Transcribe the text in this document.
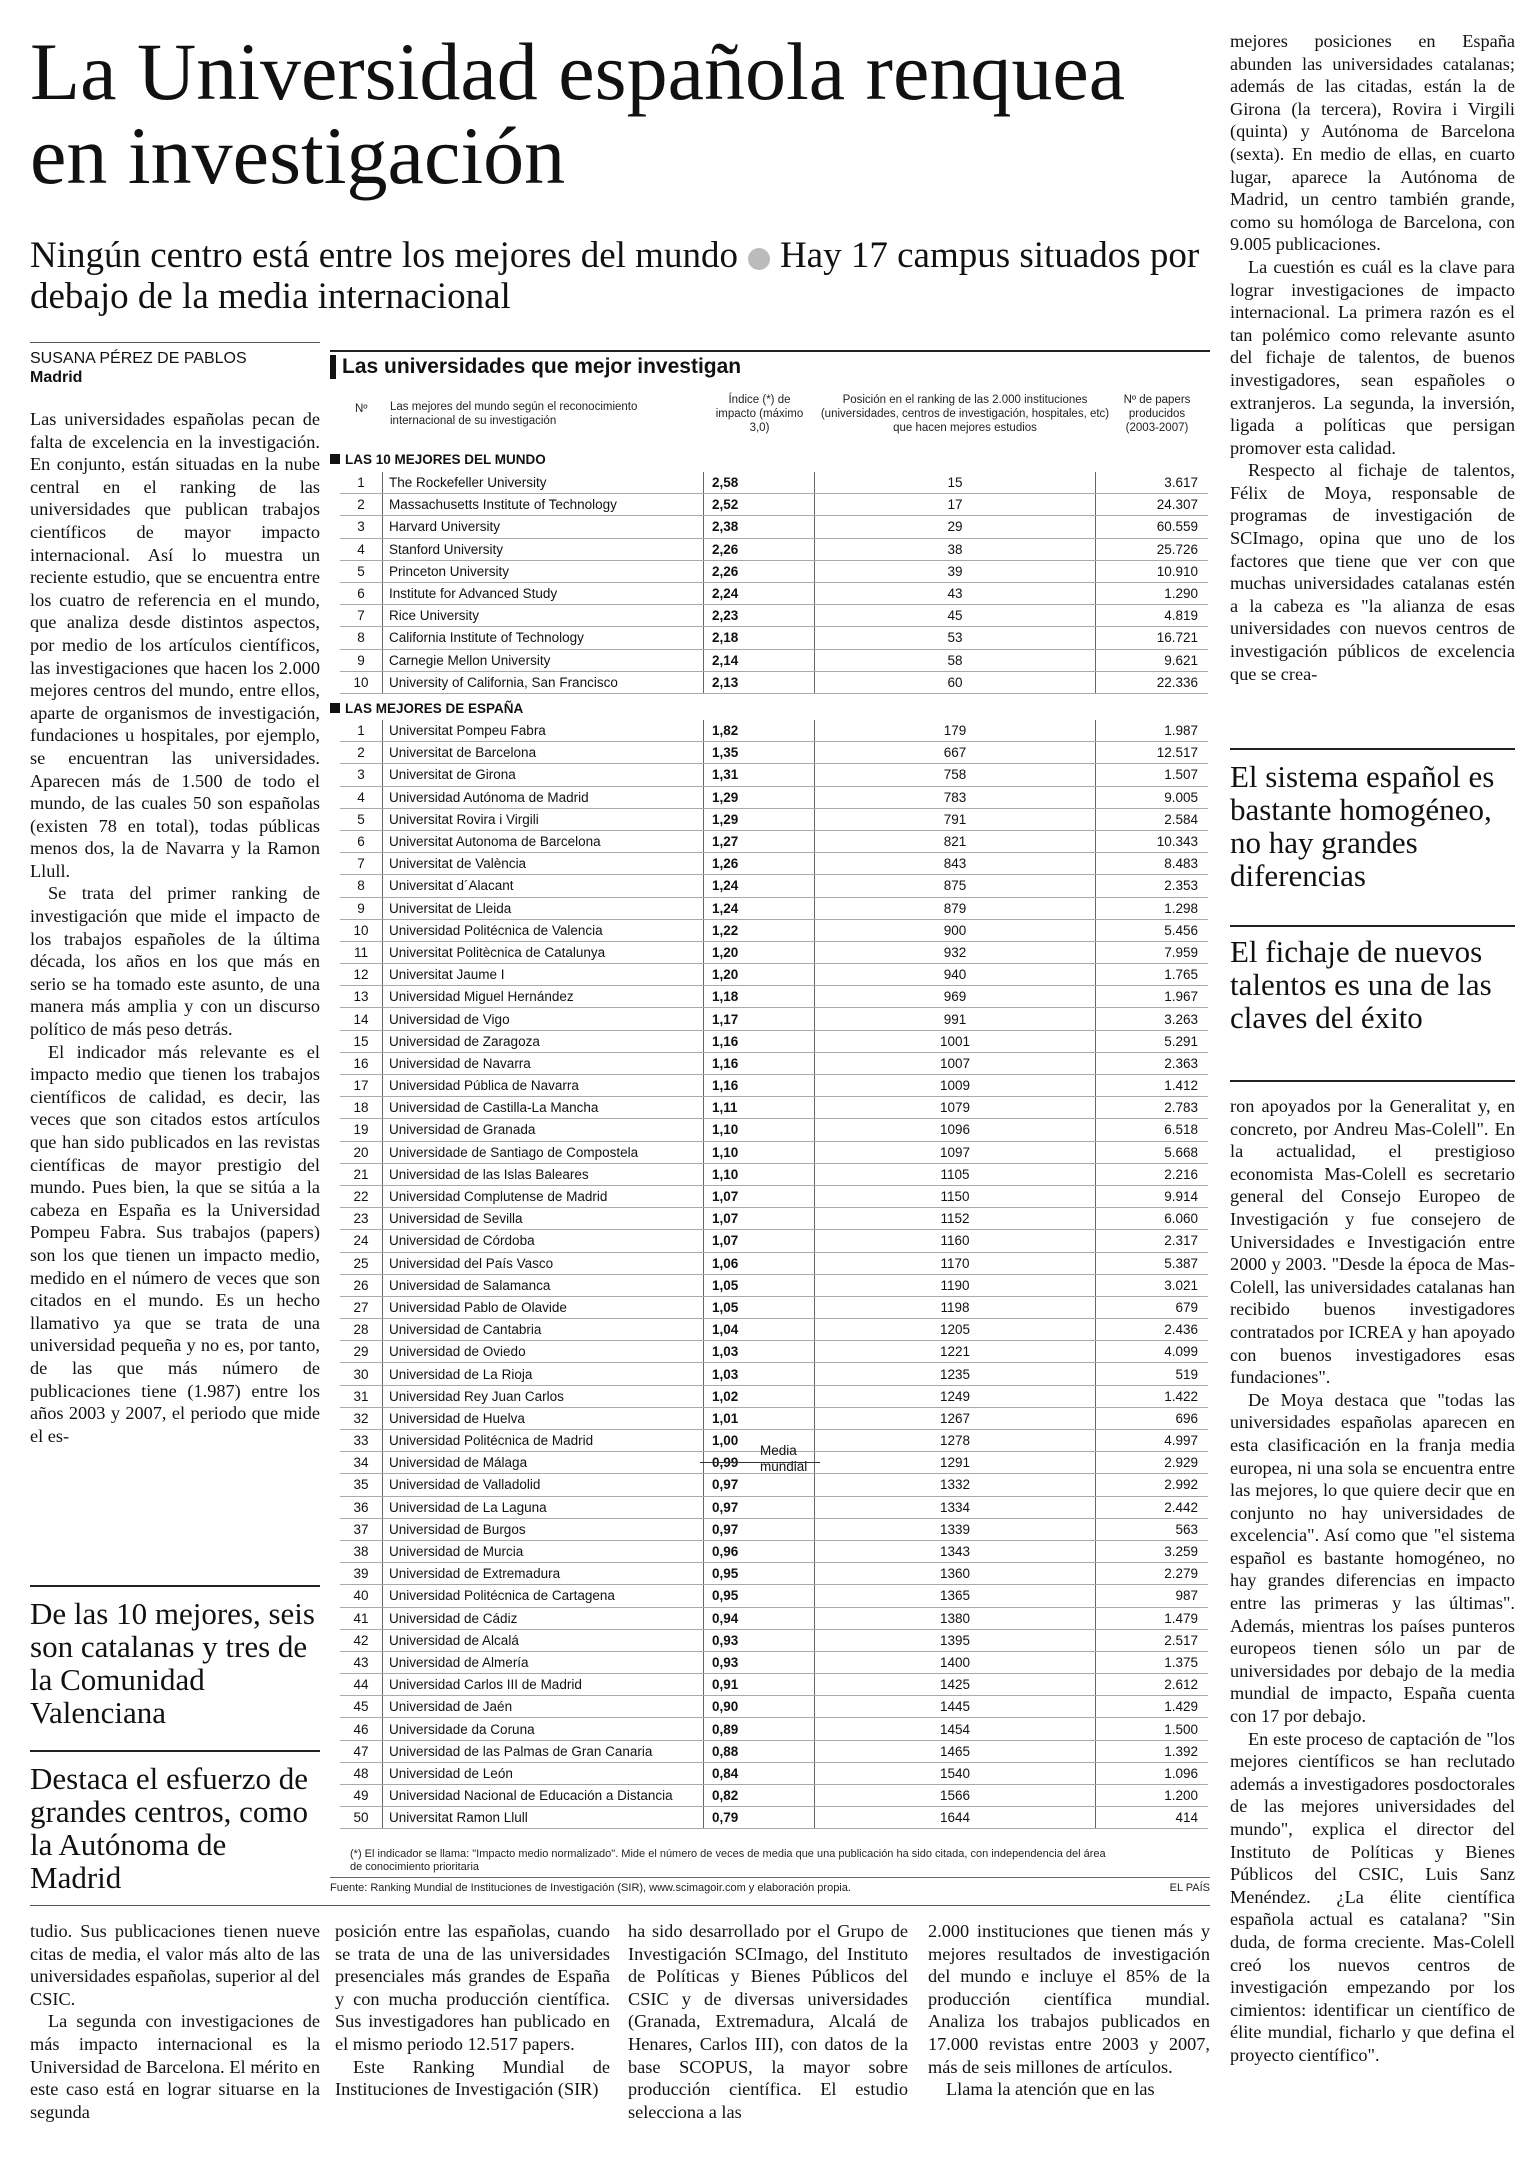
La Universidad española renquea en investigación
Ningún centro está entre los mejores del mundo Hay 17 campus situados por debajo de la media internacional
SUSANA PÉREZ DE PABLOS
Madrid

Las universidades españolas pecan de falta de excelencia en la investigación. En conjunto, están situadas en la nube central en el ranking de las universidades que publican trabajos científicos de mayor impacto internacional. Así lo muestra un reciente estudio, que se encuentra entre los cuatro de referencia en el mundo, que analiza desde distintos aspectos, por medio de los artículos científicos, las investigaciones que hacen los 2.000 mejores centros del mundo, entre ellos, aparte de organismos de investigación, fundaciones u hospitales, por ejemplo, se encuentran las universidades. Aparecen más de 1.500 de todo el mundo, de las cuales 50 son españolas (existen 78 en total), todas públicas menos dos, la de Navarra y la Ramon Llull.

Se trata del primer ranking de investigación que mide el impacto de los trabajos españoles de la última década, los años en los que más en serio se ha tomado este asunto, de una manera más amplia y con un discurso político de más peso detrás.

El indicador más relevante es el impacto medio que tienen los trabajos científicos de calidad, es decir, las veces que son citados estos artículos que han sido publicados en las revistas científicas de mayor prestigio del mundo. Pues bien, la que se sitúa a la cabeza en España es la Universidad Pompeu Fabra. Sus trabajos (papers) son los que tienen un impacto medio, medido en el número de veces que son citados en el mundo. Es un hecho llamativo ya que se trata de una universidad pequeña y no es, por tanto, de las que más número de publicaciones tiene (1.987) entre los años 2003 y 2007, el periodo que mide el es-

De las 10 mejores, seis son catalanas y tres de la Comunidad Valenciana
Destaca el esfuerzo de grandes centros, como la Autónoma de Madrid
Las universidades que mejor investigan
Nº	Las mejores del mundo según el reconocimiento internacional de su investigación
Índice (*) de impacto (máximo 3,0)
Posición en el ranking de las 2.000 instituciones (universidades, centros de investigación, hospitales, etc) que hacen mejores estudios
Nº de papers producidos (2003-2007)
LAS 10 MEJORES DEL MUNDO
1	The Rockefeller University	2,58	15	3.617
2	Massachusetts Institute of Technology	2,52	17	24.307
3	Harvard University	2,38	29	60.559
4	Stanford University	2,26	38	25.726
5	Princeton University	2,26	39	10.910
6	Institute for Advanced Study	2,24	43	1.290
7	Rice University	2,23	45	4.819
8	California Institute of Technology	2,18	53	16.721
9	Carnegie Mellon University	2,14	58	9.621
10	University of California, San Francisco	2,13	60	22.336
LAS MEJORES DE ESPAÑA
1	Universitat Pompeu Fabra	1,82	179	1.987
2	Universitat de Barcelona	1,35	667	12.517
3	Universitat de Girona	1,31	758	1.507
4	Universidad Autónoma de Madrid	1,29	783	9.005
5	Universitat Rovira i Virgili	1,29	791	2.584
6	Universitat Autonoma de Barcelona	1,27	821	10.343
7	Universitat de València	1,26	843	8.483
8	Universitat d´Alacant	1,24	875	2.353
9	Universitat de Lleida	1,24	879	1.298
10	Universidad Politécnica de Valencia	1,22	900	5.456
11	Universitat Politècnica de Catalunya	1,20	932	7.959
12	Universitat Jaume I	1,20	940	1.765
13	Universidad Miguel Hernández	1,18	969	1.967
14	Universidad de Vigo	1,17	991	3.263
15	Universidad de Zaragoza	1,16	1001	5.291
16	Universidad de Navarra	1,16	1007	2.363
17	Universidad Pública de Navarra	1,16	1009	1.412
18	Universidad de Castilla-La Mancha	1,11	1079	2.783
19	Universidad de Granada	1,10	1096	6.518
20	Universidade de Santiago de Compostela	1,10	1097	5.668
21	Universidad de las Islas Baleares	1,10	1105	2.216
22	Universidad Complutense de Madrid	1,07	1150	9.914
23	Universidad de Sevilla	1,07	1152	6.060
24	Universidad de Córdoba	1,07	1160	2.317
25	Universidad del País Vasco	1,06	1170	5.387
26	Universidad de Salamanca	1,05	1190	3.021
27	Universidad Pablo de Olavide	1,05	1198	679
28	Universidad de Cantabria	1,04	1205	2.436
29	Universidad de Oviedo	1,03	1221	4.099
30	Universidad de La Rioja	1,03	1235	519
31	Universidad Rey Juan Carlos	1,02	1249	1.422
32	Universidad de Huelva	1,01	1267	696
33	Universidad Politécnica de Madrid	1,00	1278	4.997
34	Universidad de Málaga	0,99	1291	2.929
35	Universidad de Valladolid	0,97	1332	2.992
36	Universidad de La Laguna	0,97	1334	2.442
37	Universidad de Burgos	0,97	1339	563
38	Universidad de Murcia	0,96	1343	3.259
39	Universidad de Extremadura	0,95	1360	2.279
40	Universidad Politécnica de Cartagena	0,95	1365	987
41	Universidad de Cádiz	0,94	1380	1.479
42	Universidad de Alcalá	0,93	1395	2.517
43	Universidad de Almería	0,93	1400	1.375
44	Universidad Carlos III de Madrid	0,91	1425	2.612
45	Universidad de Jaén	0,90	1445	1.429
46	Universidade da Coruna	0,89	1454	1.500
47	Universidad de las Palmas de Gran Canaria	0,88	1465	1.392
48	Universidad de León	0,84	1540	1.096
49	Universidad Nacional de Educación a Distancia	0,82	1566	1.200
50	Universitat Ramon Llull	0,79	1644	414
Media mundial
(*) El indicador se llama: "Impacto medio normalizado". Mide el número de veces de media que una publicación ha sido citada, con independencia del área de conocimiento prioritaria
Fuente: Ranking Mundial de Instituciones de Investigación (SIR), www.scimagoir.com y elaboración propia.	EL PAÍS

mejores posiciones en España abunden las universidades catalanas; además de las citadas, están la de Girona (la tercera), Rovira i Virgili (quinta) y Autónoma de Barcelona (sexta). En medio de ellas, en cuarto lugar, aparece la Autónoma de Madrid, un centro también grande, como su homóloga de Barcelona, con 9.005 publicaciones.

La cuestión es cuál es la clave para lograr investigaciones de impacto internacional. La primera razón es el tan polémico como relevante asunto del fichaje de talentos, de buenos investigadores, sean españoles o extranjeros. La segunda, la inversión, ligada a políticas que persigan promover esta calidad.

Respecto al fichaje de talentos, Félix de Moya, responsable de programas de investigación de SCImago, opina que uno de los factores que tiene que ver con que muchas universidades catalanas estén a la cabeza es "la alianza de esas universidades con nuevos centros de investigación públicos de excelencia que se crea-

El sistema español es bastante homogéneo, no hay grandes diferencias
El fichaje de nuevos talentos es una de las claves del éxito

ron apoyados por la Generalitat y, en concreto, por Andreu Mas-Colell". En la actualidad, el prestigioso economista Mas-Colell es secretario general del Consejo Europeo de Investigación y fue consejero de Universidades e Investigación entre 2000 y 2003. "Desde la época de Mas-Colell, las universidades catalanas han recibido buenos investigadores contratados por ICREA y han apoyado con buenos investigadores esas fundaciones".

De Moya destaca que "todas las universidades españolas aparecen en esta clasificación en la franja media europea, ni una sola se encuentra entre las mejores, lo que quiere decir que en conjunto no hay universidades de excelencia". Así como que "el sistema español es bastante homogéneo, no hay grandes diferencias en impacto entre las primeras y las últimas". Además, mientras los países punteros europeos tienen sólo un par de universidades por debajo de la media mundial de impacto, España cuenta con 17 por debajo.

En este proceso de captación de "los mejores científicos se han reclutado además a investigadores posdoctorales de las mejores universidades del mundo", explica el director del Instituto de Políticas y Bienes Públicos del CSIC, Luis Sanz Menéndez. ¿La élite científica española actual es catalana? "Sin duda, de forma creciente. Mas-Colell creó los nuevos centros de investigación empezando por los cimientos: identificar un científico de élite mundial, ficharlo y que defina el proyecto científico".

tudio. Sus publicaciones tienen nueve citas de media, el valor más alto de las universidades españolas, superior al del CSIC.

La segunda con investigaciones de más impacto internacional es la Universidad de Barcelona. El mérito en este caso está en lograr situarse en la segunda

posición entre las españolas, cuando se trata de una de las universidades presenciales más grandes de España y con mucha producción científica. Sus investigadores han publicado en el mismo periodo 12.517 papers.

Este Ranking Mundial de Instituciones de Investigación (SIR)

ha sido desarrollado por el Grupo de Investigación SCImago, del Instituto de Políticas y Bienes Públicos del CSIC y de diversas universidades (Granada, Extremadura, Alcalá de Henares, Carlos III), con datos de la base SCOPUS, la mayor sobre producción científica. El estudio selecciona a las

2.000 instituciones que tienen más y mejores resultados de investigación del mundo e incluye el 85% de la producción científica mundial. Analiza los trabajos publicados en 17.000 revistas entre 2003 y 2007, más de seis millones de artículos.

Llama la atención que en las
